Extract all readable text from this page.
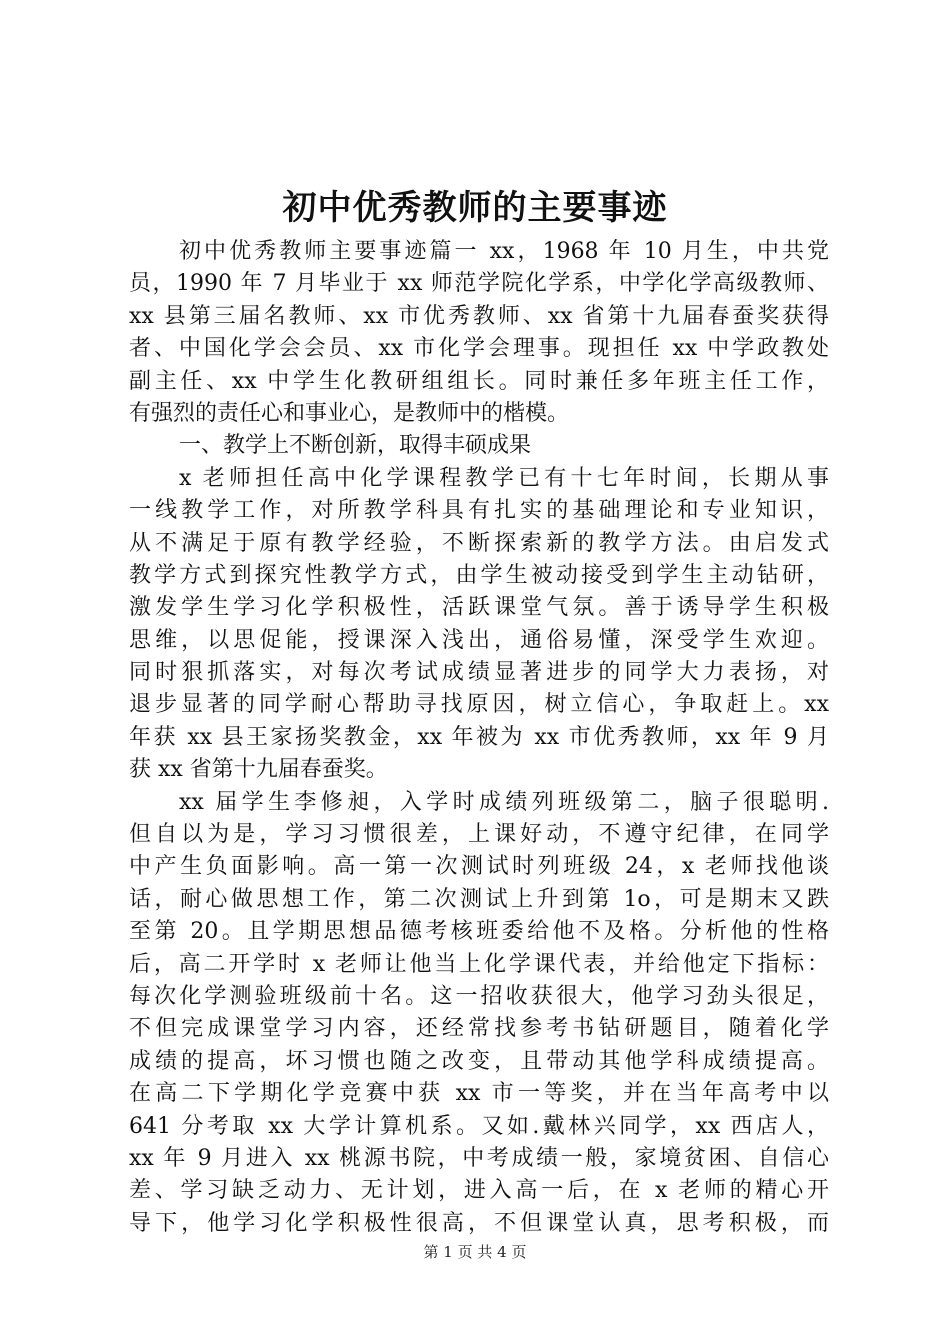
初中优秀教师的主要事迹
初中优秀教师主要事迹篇一 xx，1968 年 10 月生，中共党
员，1990 年 7 月毕业于 xx 师范学院化学系，中学化学高级教师、
xx 县第三届名教师、xx 市优秀教师、xx 省第十九届春蚕奖获得
者、中国化学会会员、xx 市化学会理事。现担任 xx 中学政教处
副主任、xx 中学生化教研组组长。同时兼任多年班主任工作，
有强烈的责任心和事业心，是教师中的楷模。
一、教学上不断创新，取得丰硕成果
x 老师担任高中化学课程教学已有十七年时间，长期从事
一线教学工作，对所教学科具有扎实的基础理论和专业知识，
从不满足于原有教学经验，不断探索新的教学方法。由启发式
教学方式到探究性教学方式，由学生被动接受到学生主动钻研，
激发学生学习化学积极性，活跃课堂气氛。善于诱导学生积极
思维，以思促能，授课深入浅出，通俗易懂，深受学生欢迎。
同时狠抓落实，对每次考试成绩显著进步的同学大力表扬，对
退步显著的同学耐心帮助寻找原因，树立信心，争取赶上。xx
年获 xx 县王家扬奖教金，xx 年被为 xx 市优秀教师，xx 年 9 月
获 xx 省第十九届春蚕奖。
xx 届学生李修昶，入学时成绩列班级第二，脑子很聪明.
但自以为是，学习习惯很差，上课好动，不遵守纪律，在同学
中产生负面影响。高一第一次测试时列班级 24，x 老师找他谈
话，耐心做思想工作，第二次测试上升到第 1o，可是期末又跌
至第 20。且学期思想品德考核班委给他不及格。分析他的性格
后，高二开学时 x 老师让他当上化学课代表，并给他定下指标：
每次化学测验班级前十名。这一招收获很大，他学习劲头很足，
不但完成课堂学习内容，还经常找参考书钻研题目，随着化学
成绩的提高，坏习惯也随之改变，且带动其他学科成绩提高。
在高二下学期化学竞赛中获 xx 市一等奖，并在当年高考中以
641 分考取 xx 大学计算机系。又如.戴林兴同学，xx 西店人，
xx 年 9 月进入 xx 桃源书院，中考成绩一般，家境贫困、自信心
差、学习缺乏动力、无计划，进入高一后，在 x 老师的精心开
导下，他学习化学积极性很高，不但课堂认真，思考积极，而
第 1 页 共 4 页
